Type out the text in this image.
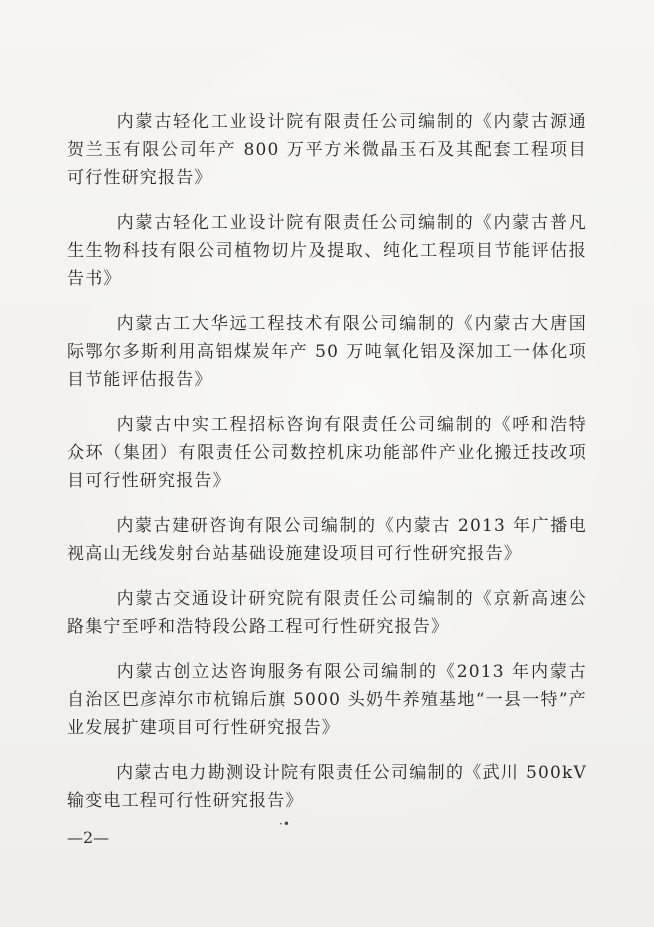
内蒙古轻化工业设计院有限责任公司编制的《内蒙古源通贺兰玉有限公司年产 800 万平方米微晶玉石及其配套工程项目可行性研究报告》

内蒙古轻化工业设计院有限责任公司编制的《内蒙古普凡生生物科技有限公司植物切片及提取、纯化工程项目节能评估报告书》

内蒙古工大华远工程技术有限公司编制的《内蒙古大唐国际鄂尔多斯利用高铝煤炭年产 50 万吨氧化铝及深加工一体化项目节能评估报告》

内蒙古中实工程招标咨询有限责任公司编制的《呼和浩特众环（集团）有限责任公司数控机床功能部件产业化搬迁技改项目可行性研究报告》

内蒙古建研咨询有限公司编制的《内蒙古 2013 年广播电视高山无线发射台站基础设施建设项目可行性研究报告》

内蒙古交通设计研究院有限责任公司编制的《京新高速公路集宁至呼和浩特段公路工程可行性研究报告》

内蒙古创立达咨询服务有限公司编制的《2013 年内蒙古自治区巴彦淖尔市杭锦后旗 5000 头奶牛养殖基地“一县一特”产业发展扩建项目可行性研究报告》

内蒙古电力勘测设计院有限责任公司编制的《武川 500kV 输变电工程可行性研究报告》

·•
—2—
